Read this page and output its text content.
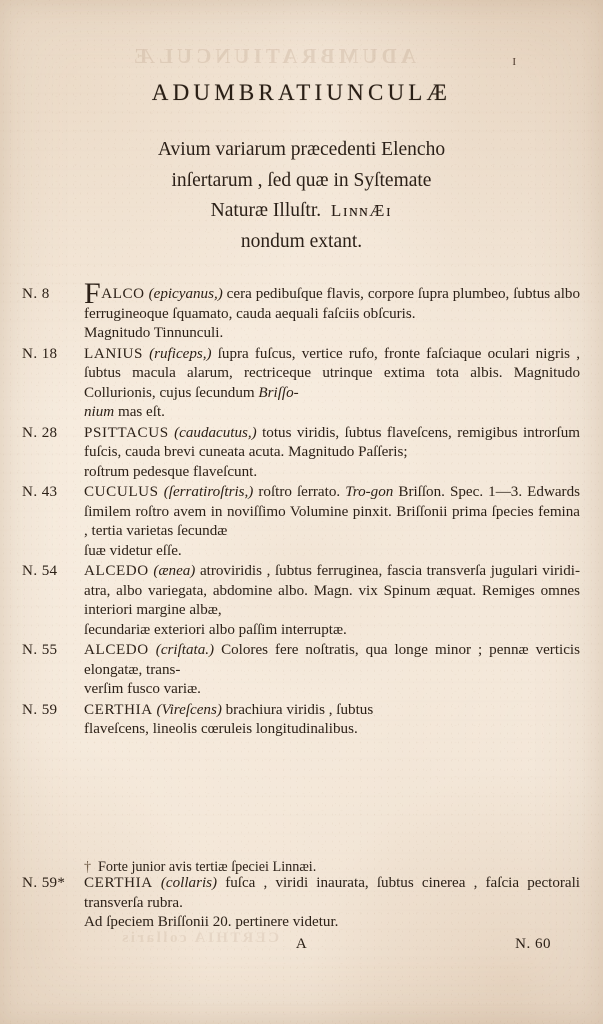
ADUMBRATIUNCULÆ
CERTHIA collaris
I
ADUMBRATIUNCULÆ
Avium variarum præcedenti Elencho
inſertarum , ſed quæ in Syſtemate
Naturæ Illuſtr. LɪɴɴÆɪ
nondum extant.
N. 8	FALCO (epicyanus,) cera pedibuſque flavis, corpore ſupra plumbeo, ſubtus albo ferrugineoque ſquamato, cauda aequali faſciis obſcuris.
Magnitudo Tinnunculi.
N. 18	LANIUS (ruficeps,) ſupra fuſcus, vertice rufo, fronte faſciaque oculari nigris , ſubtus macula alarum, rectriceque utrinque extima tota albis. Magnitudo Collurionis, cujus ſecundum Briſſo-
nium mas eſt.
N. 28	PSITTACUS (caudacutus,) totus viridis, ſubtus flaveſcens, remigibus introrſum fuſcis, cauda brevi cuneata acuta. Magnitudo Paſſeris;
roſtrum pedesque flaveſcunt.
N. 43	CUCULUS (ſerratiroſtris,) roſtro ſerrato. Tro-gon Briſſon. Spec. 1—3. Edwards ſimilem roſtro avem in noviſſimo Volumine pinxit. Briſſonii prima ſpecies femina , tertia varietas ſecundæ
ſuæ videtur eſſe.
N. 54	ALCEDO (ænea) atroviridis , ſubtus ferruginea, fascia transverſa jugulari viridi-atra, albo variegata, abdomine albo. Magn. vix Spinum æquat. Remiges omnes interiori margine albæ,
ſecundariæ exteriori albo paſſim interruptæ.
N. 55	ALCEDO (criſtata.) Colores fere noſtratis, qua longe minor ; pennæ verticis elongatæ, trans-
verſim fusco variæ.
N. 59	CERTHIA (Vireſcens) brachiura viridis , ſubtus
flaveſcens, lineolis cœruleis longitudinalibus.
† Forte junior avis tertiæ ſpeciei Linnæi.
N. 59*	CERTHIA (collaris) fuſca , viridi inaurata, ſubtus cinerea , faſcia pectorali transverſa rubra.
Ad ſpeciem Briſſonii 20. pertinere videtur.
A	N. 60
